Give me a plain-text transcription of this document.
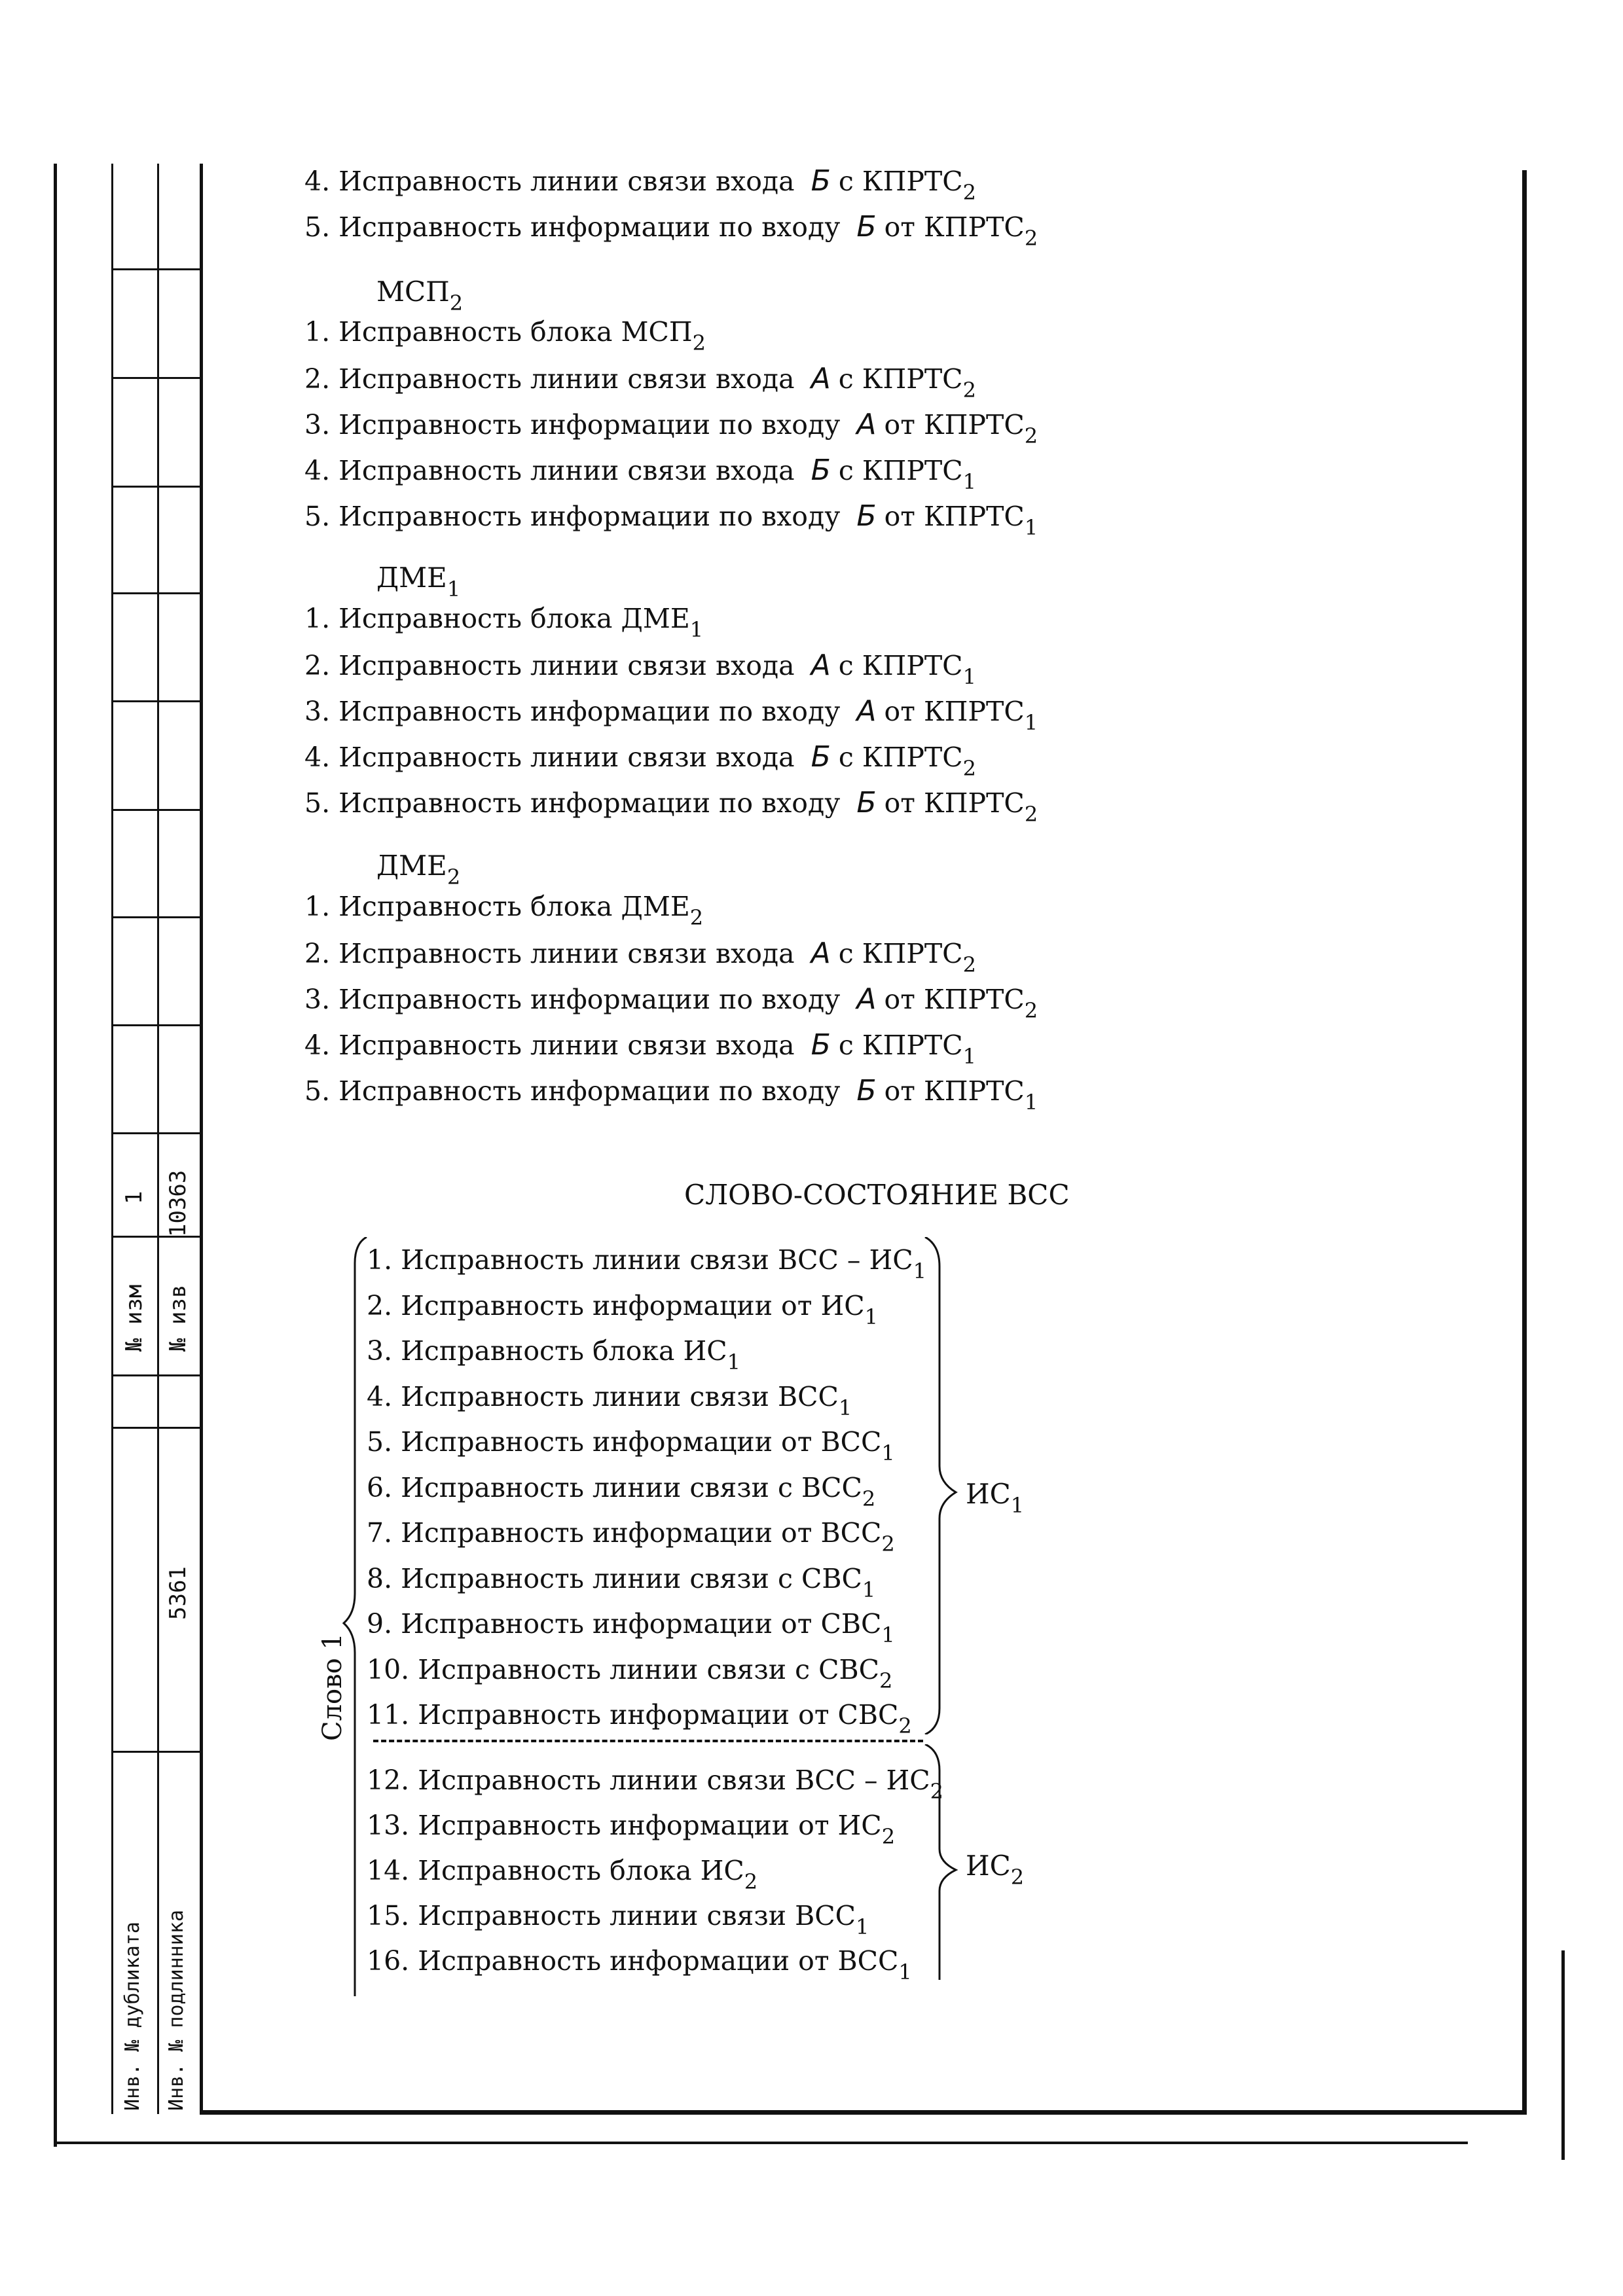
1 10363
№ изм № изв
5361
Инв. № дубликата Инв. № подлинника
4. Исправность линии связи входа Б с $КПРТС_2$
5. Исправность информации по входу Б от $КПРТС_2$
$МСП_2$
1. Исправность блока $МСП_2$
2. Исправность линии связи входа А с $КПРТС_2$
3. Исправность информации по входу А от $КПРТС_2$
4. Исправность линии связи входа Б с $КПРТС_1$
5. Исправность информации по входу Б от $КПРТС_1$
$ДМЕ_1$
1. Исправность блока $ДМЕ_1$
2. Исправность линии связи входа А с $КПРТС_1$
3. Исправность информации по входу А от $КПРТС_1$
4. Исправность линии связи входа Б с $КПРТС_2$
5. Исправность информации по входу Б от $КПРТС_2$
$ДМЕ_2$
1. Исправность блока $ДМЕ_2$
2. Исправность линии связи входа А с $КПРТС_2$
3. Исправность информации по входу А от $КПРТС_2$
4. Исправность линии связи входа Б с $КПРТС_1$
5. Исправность информации по входу Б от $КПРТС_1$
СЛОВО-СОСТОЯНИЕ ВСС
1. Исправность линии связи ВСС – $ИС_1$
2. Исправность информации от $ИС_1$
3. Исправность блока $ИС_1$
4. Исправность линии связи $ВСС_1$
5. Исправность информации от $ВСС_1$
6. Исправность линии связи с $ВСС_2$
7. Исправность информации от $ВСС_2$
8. Исправность линии связи с $СВС_1$
9. Исправность информации от $СВС_1$
10. Исправность линии связи с $СВС_2$
11. Исправность информации от $СВС_2$
12. Исправность линии связи ВСС – $ИС_2$
13. Исправность информации от $ИС_2$
14. Исправность блока $ИС_2$
15. Исправность линии связи $ВСС_1$
16. Исправность информации от $ВСС_1$
Слово 1
$ИС_1$
$ИС_2$
